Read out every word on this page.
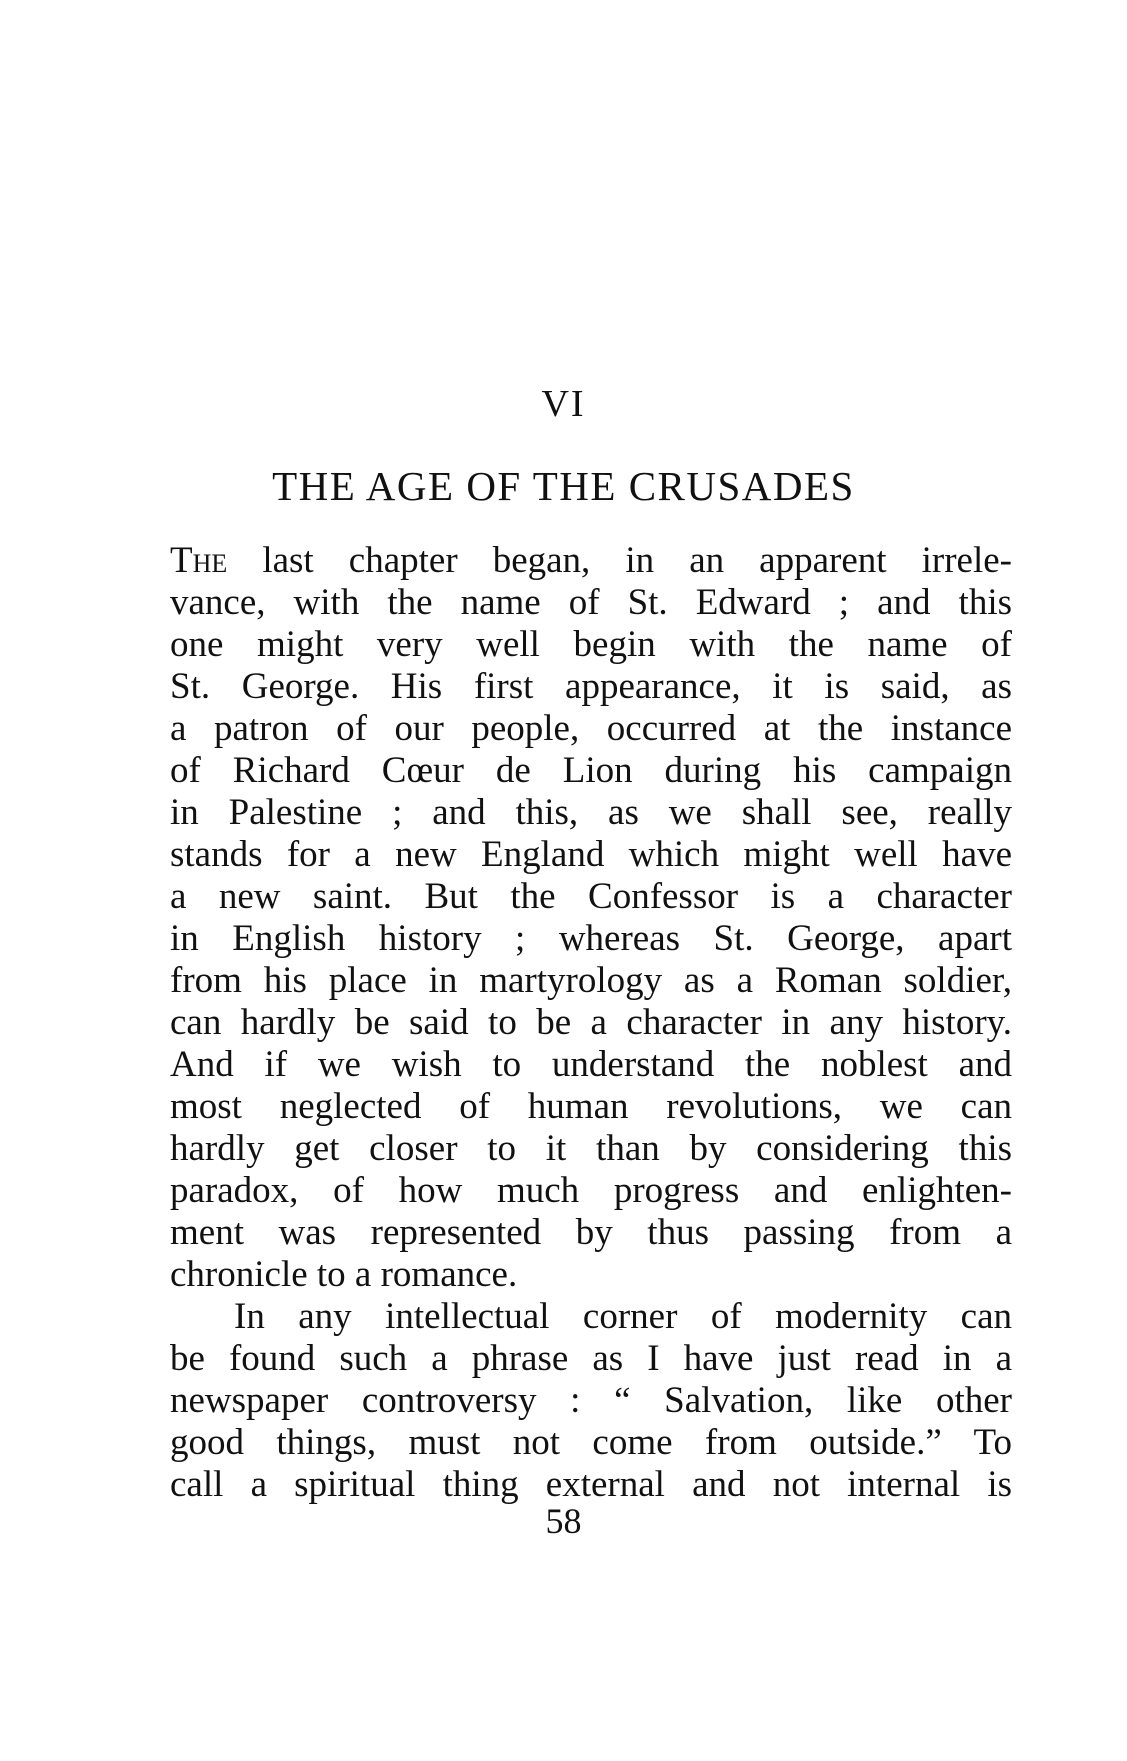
VI
THE AGE OF THE CRUSADES
The last chapter began, in an apparent irrele-
vance, with the name of St. Edward ; and this
one might very well begin with the name of
St. George. His first appearance, it is said, as
a patron of our people, occurred at the instance
of Richard Cœur de Lion during his campaign
in Palestine ; and this, as we shall see, really
stands for a new England which might well have
a new saint. But the Confessor is a character
in English history ; whereas St. George, apart
from his place in martyrology as a Roman soldier,
can hardly be said to be a character in any history.
And if we wish to understand the noblest and
most neglected of human revolutions, we can
hardly get closer to it than by considering this
paradox, of how much progress and enlighten-
ment was represented by thus passing from a
chronicle to a romance.
In any intellectual corner of modernity can
be found such a phrase as I have just read in a
newspaper controversy : “ Salvation, like other
good things, must not come from outside.” To
call a spiritual thing external and not internal is
58
